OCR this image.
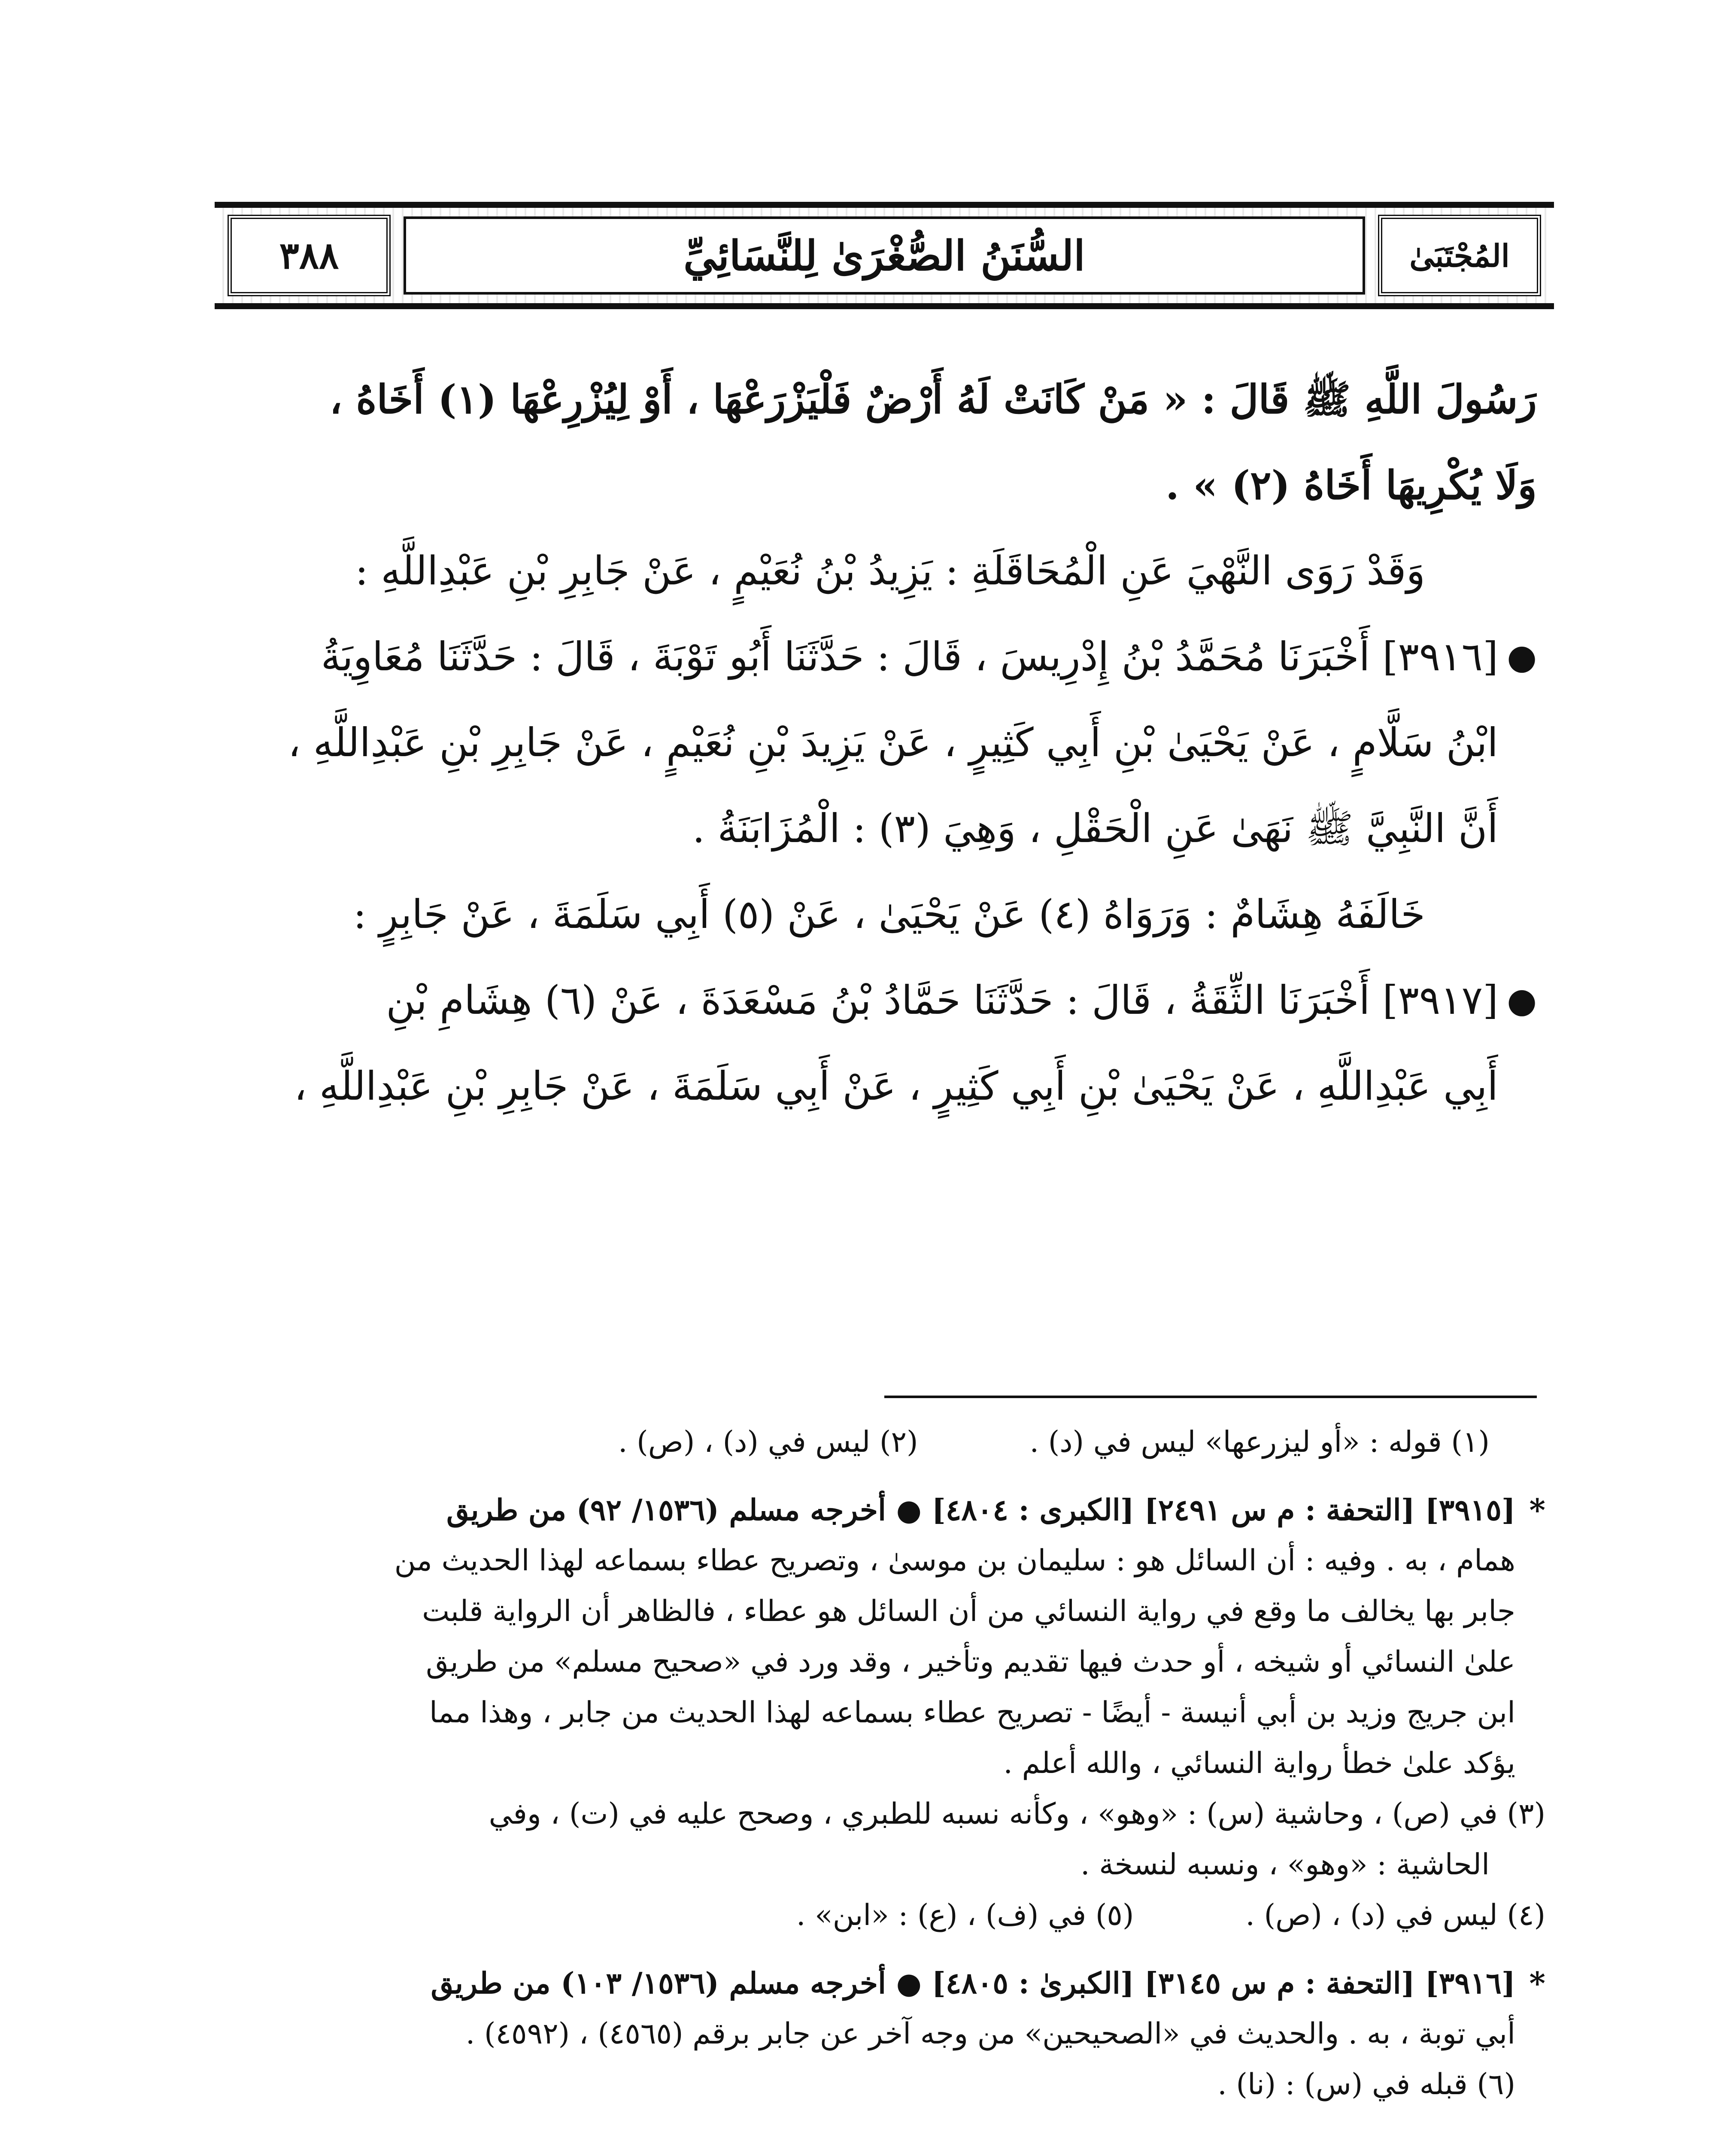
٣٨٨	السُّنَنُ الصُّغْرَىٰ لِلنَّسَائِيِّ	المُجْتَبَىٰ
رَسُولَ اللَّهِ ﷺ قَالَ : « مَنْ كَانَتْ لَهُ أَرْضٌ فَلْيَزْرَعْهَا ، أَوْ لِيُزْرِعْهَا (١) أَخَاهُ ،
وَلَا يُكْرِيهَا أَخَاهُ (٢) » .
وَقَدْ رَوَى النَّهْيَ عَنِ الْمُحَاقَلَةِ : يَزِيدُ بْنُ نُعَيْمٍ ، عَنْ جَابِرِ بْنِ عَبْدِاللَّهِ :
●
[٣٩١٦] أَخْبَرَنَا مُحَمَّدُ بْنُ إِدْرِيسَ ، قَالَ : حَدَّثَنَا أَبُو تَوْبَةَ ، قَالَ : حَدَّثَنَا مُعَاوِيَةُ
ابْنُ سَلَّامٍ ، عَنْ يَحْيَىٰ بْنِ أَبِي كَثِيرٍ ، عَنْ يَزِيدَ بْنِ نُعَيْمٍ ، عَنْ جَابِرِ بْنِ عَبْدِاللَّهِ ،
أَنَّ النَّبِيَّ ﷺ نَهَىٰ عَنِ الْحَقْلِ ، وَهِيَ (٣) : الْمُزَابَنَةُ .
خَالَفَهُ هِشَامٌ : وَرَوَاهُ (٤) عَنْ يَحْيَىٰ ، عَنْ (٥) أَبِي سَلَمَةَ ، عَنْ جَابِرٍ :
●
[٣٩١٧] أَخْبَرَنَا الثِّقَةُ ، قَالَ : حَدَّثَنَا حَمَّادُ بْنُ مَسْعَدَةَ ، عَنْ (٦) هِشَامِ بْنِ
أَبِي عَبْدِاللَّهِ ، عَنْ يَحْيَىٰ بْنِ أَبِي كَثِيرٍ ، عَنْ أَبِي سَلَمَةَ ، عَنْ جَابِرِ بْنِ عَبْدِاللَّهِ ،
(١) قوله : «أو ليزرعها» ليس في (د) .
(٢) ليس في (د) ، (ص) .
*
[٣٩١٥] [التحفة : م س ٢٤٩١] [الكبرى : ٤٨٠٤] ● أخرجه مسلم (١٥٣٦/ ٩٢) من طريق
همام ، به . وفيه : أن السائل هو : سليمان بن موسىٰ ، وتصريح عطاء بسماعه لهذا الحديث من
جابر بها يخالف ما وقع في رواية النسائي من أن السائل هو عطاء ، فالظاهر أن الرواية قلبت
علىٰ النسائي أو شيخه ، أو حدث فيها تقديم وتأخير ، وقد ورد في «صحيح مسلم» من طريق
ابن جريج وزيد بن أبي أنيسة - أيضًا - تصريح عطاء بسماعه لهذا الحديث من جابر ، وهذا مما
يؤكد علىٰ خطأ رواية النسائي ، والله أعلم .
(٣) في (ص) ، وحاشية (س) : «وهو» ، وكأنه نسبه للطبري ، وصحح عليه في (ت) ، وفي
الحاشية : «وهو» ، ونسبه لنسخة .
(٤) ليس في (د) ، (ص) .
(٥) في (ف) ، (ع) : «ابن» .
*
[٣٩١٦] [التحفة : م س ٣١٤٥] [الكبرىٰ : ٤٨٠٥] ● أخرجه مسلم (١٥٣٦/ ١٠٣) من طريق
أبي توبة ، به . والحديث في «الصحيحين» من وجه آخر عن جابر برقم (٤٥٦٥) ، (٤٥٩٢) .
(٦) قبله في (س) : (نا) .
